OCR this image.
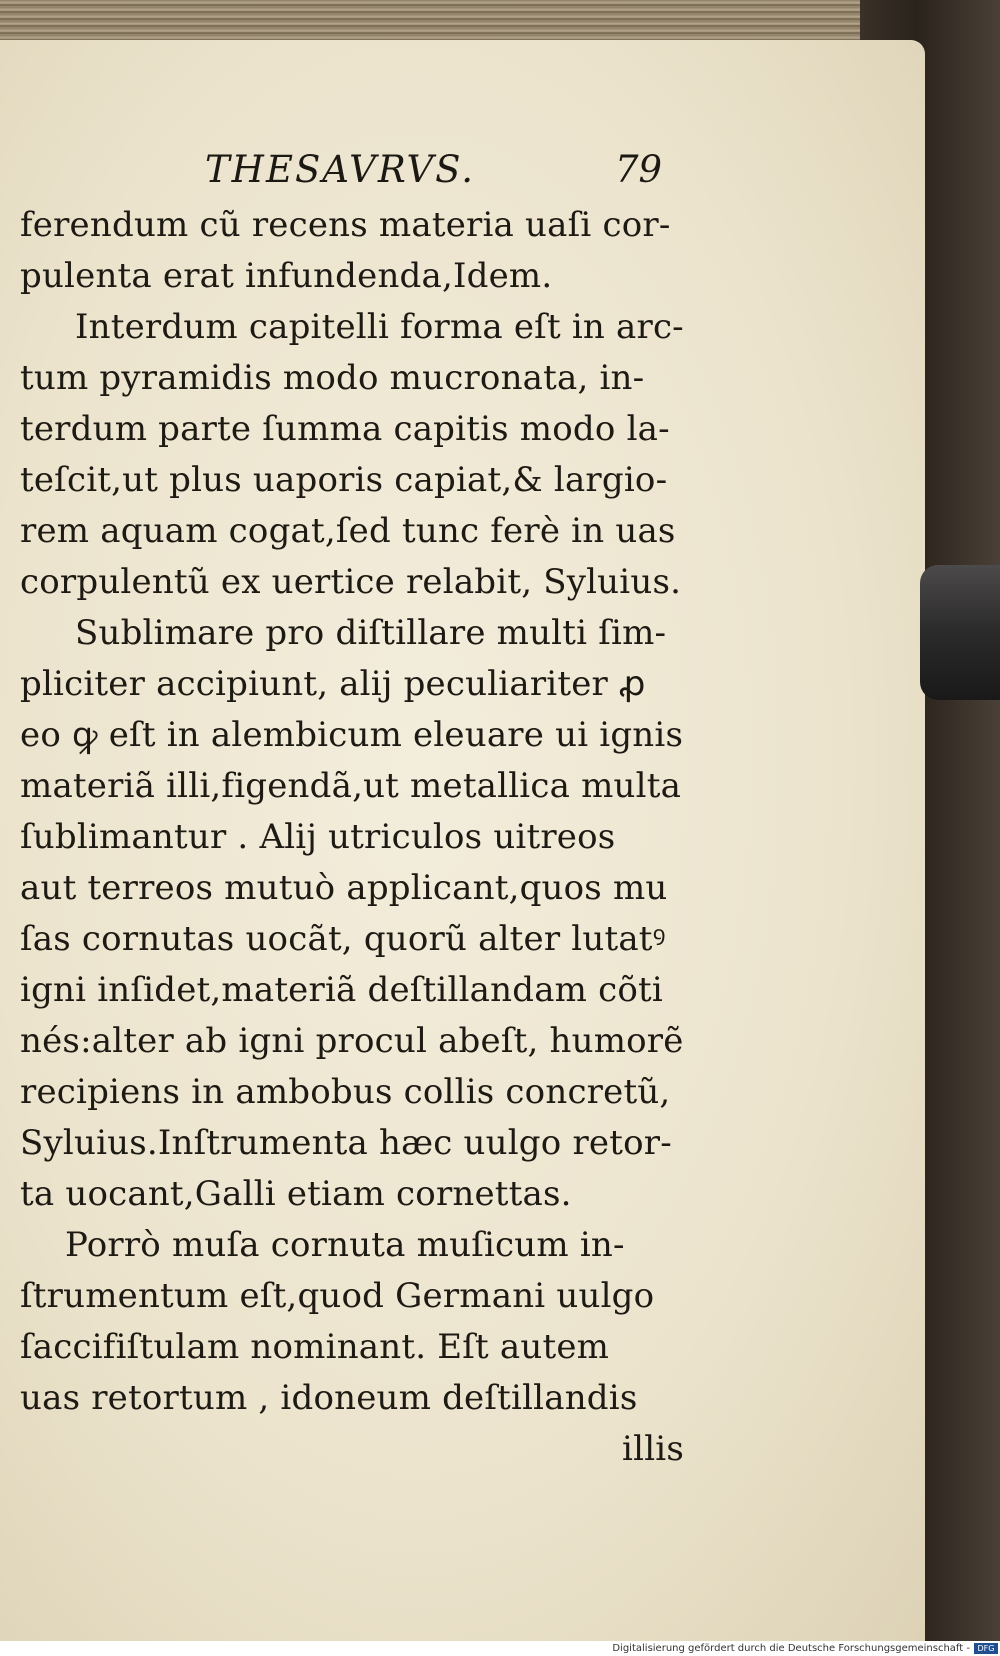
THESAVRVS.	79
ferendum cũ recens materia uaſi cor-
pulenta erat infundenda,Idem.
Interdum capitelli forma eſt in arc-
tum pyramidis modo mucronata, in-
terdum parte ſumma capitis modo la-
teſcit,ut plus uaporis capiat,& largio-
rem aquam cogat,ſed tunc ferè in uas
corpulentũ ex uertice relabit, Syluius.
Sublimare pro diſtillare multi ſim-
pliciter accipiunt, alij peculiariter ꝓ
eo ꝙ eſt in alembicum eleuare ui ignis
materiã illi,figendã,ut metallica multa
ſublimantur . Alij utriculos uitreos
aut terreos mutuò applicant,quos mu
ſas cornutas uocãt, quorũ alter lutatꝰ
igni inſidet,materiã deſtillandam cõti
nés:alter ab igni procul abeſt, humorẽ
recipiens in ambobus collis concretũ,
Syluius.Inſtrumenta hæc uulgo retor-
ta uocant,Galli etiam cornettas.
Porrò muſa cornuta muſicum in-
ſtrumentum eſt,quod Germani uulgo
ſaccifiſtulam nominant. Eſt autem
uas retortum , idoneum deſtillandis
illis
Digitalisierung gefördert durch die Deutsche Forschungsgemeinschaft - DFG
